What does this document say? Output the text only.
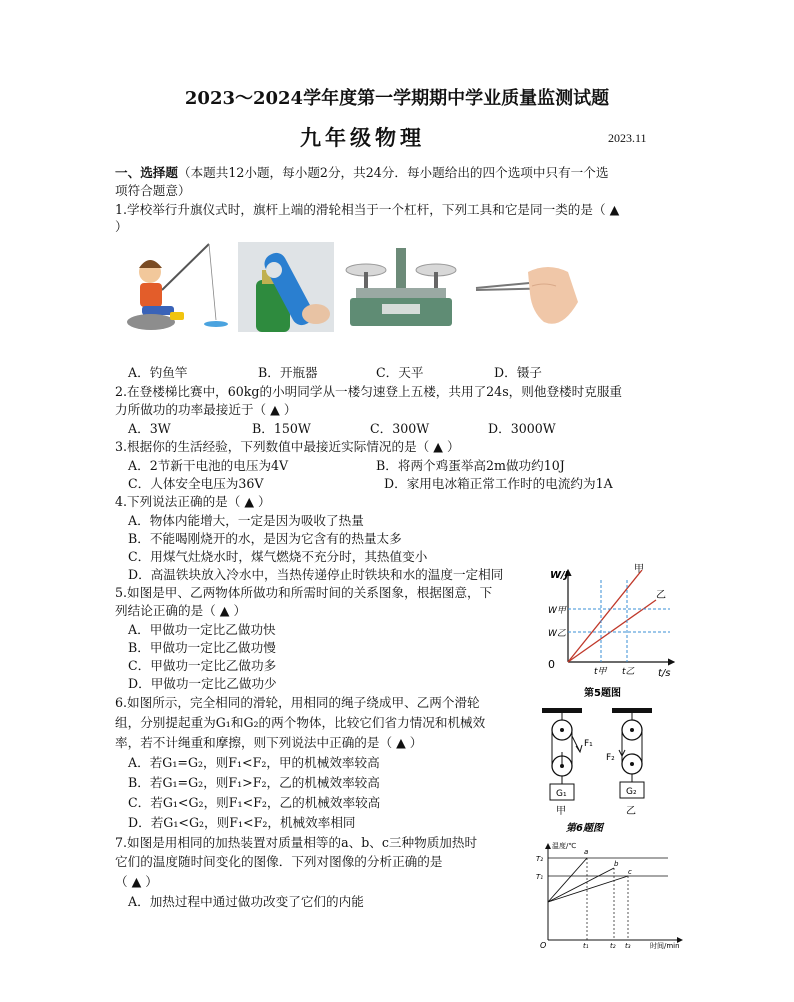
2023～2024学年度第一学期期中学业质量监测试题
九年级物理	2023.11
一、选择题（本题共12小题，每小题2分，共24分．每小题给出的四个选项中只有一个选
项符合题意）
1.学校举行升旗仪式时，旗杆上端的滑轮相当于一个杠杆，下列工具和它是同一类的是（ ▲
）
A．钓鱼竿	B．开瓶器	C．天平	D．镊子
2.在登楼梯比赛中，60kg的小明同学从一楼匀速登上五楼，共用了24s，则他登楼时克服重
力所做功的功率最接近于（ ▲ ）
A．3W	B．150W	C．300W	D．3000W
3.根据你的生活经验，下列数值中最接近实际情况的是（ ▲ ）
A．2节新干电池的电压为4V	B．将两个鸡蛋举高2m做功约10J
C．人体安全电压为36V	D．家用电冰箱正常工作时的电流约为1A
4.下列说法正确的是（ ▲ ）
A．物体内能增大，一定是因为吸收了热量
B．不能喝刚烧开的水，是因为它含有的热量太多
C．用煤气灶烧水时，煤气燃烧不充分时，其热值变小
D．高温铁块放入冷水中，当热传递停止时铁块和水的温度一定相同
5.如图是甲、乙两物体所做功和所需时间的关系图象，根据图意，下
列结论正确的是（ ▲ ）
A．甲做功一定比乙做功快
B．甲做功一定比乙做功慢
C．甲做功一定比乙做功多
D．甲做功一定比乙做功少
6.如图所示，完全相同的滑轮，用相同的绳子绕成甲、乙两个滑轮
组，分别提起重为G₁和G₂的两个物体，比较它们省力情况和机械效
率，若不计绳重和摩擦，则下列说法中正确的是（ ▲ ）
A．若G₁=G₂，则F₁<F₂，甲的机械效率较高
B．若G₁=G₂，则F₁>F₂，乙的机械效率较高
C．若G₁<G₂，则F₁<F₂，乙的机械效率较高
D．若G₁<G₂，则F₁<F₂，机械效率相同
7.如图是用相同的加热装置对质量相等的a、b、c三种物质加热时
它们的温度随时间变化的图像．下列对图像的分析正确的是
（ ▲ ）
A．加热过程中通过做功改变了它们的内能
0
W/J
t/s
甲
乙
W甲
W乙
t甲 t乙
第5题图
F₁
G₁
甲
F₂
G₂
乙
第6题图
O
温度/℃
时间/min
T₂
T₁
a
b
c
t₁	t₂ t₃
